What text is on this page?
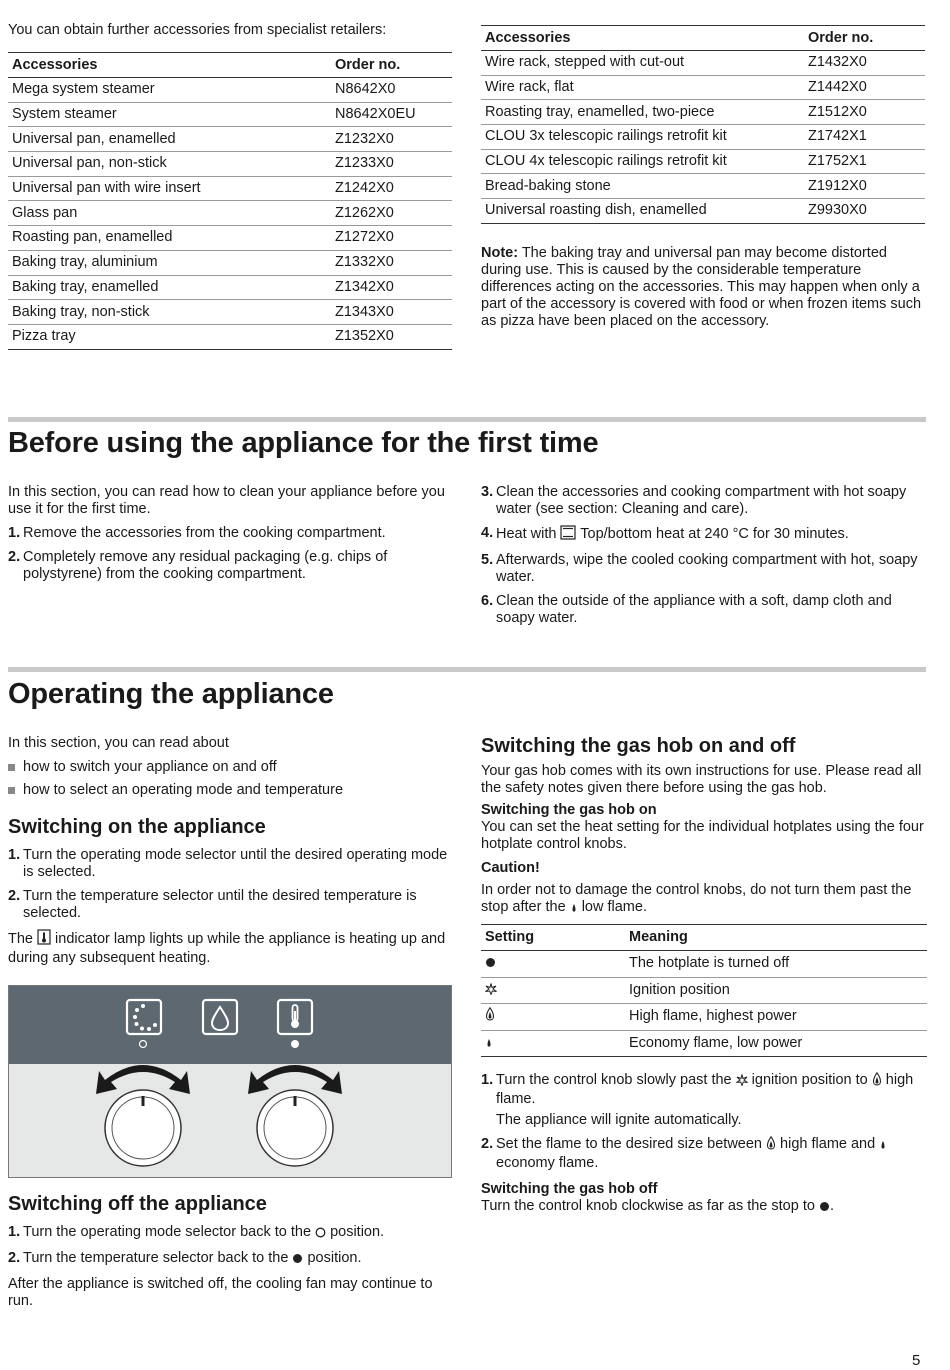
You can obtain further accessories from specialist retailers:

Accessories	Order no.
Mega system steamer	N8642X0
System steamer	N8642X0EU
Universal pan, enamelled	Z1232X0
Universal pan, non-stick	Z1233X0
Universal pan with wire insert	Z1242X0
Glass pan	Z1262X0
Roasting pan, enamelled	Z1272X0
Baking tray, aluminium	Z1332X0
Baking tray, enamelled	Z1342X0
Baking tray, non-stick	Z1343X0
Pizza tray	Z1352X0
Accessories	Order no.
Wire rack, stepped with cut-out	Z1432X0
Wire rack, flat	Z1442X0
Roasting tray, enamelled, two-piece	Z1512X0
CLOU 3x telescopic railings retrofit kit	Z1742X1
CLOU 4x telescopic railings retrofit kit	Z1752X1
Bread-baking stone	Z1912X0
Universal roasting dish, enamelled	Z9930X0

Note: The baking tray and universal pan may become distorted during use. This is caused by the considerable temperature differences acting on the accessories. This may happen when only a part of the accessory is covered with food or when frozen items such as pizza have been placed on the accessory.

Before using the appliance for the first time

In this section, you can read how to clean your appliance before you use it for the first time.

1. Remove the accessories from the cooking compartment.
2. Completely remove any residual packaging (e.g. chips of polystyrene) from the cooking compartment.
3. Clean the accessories and cooking compartment with hot soapy water (see section: Cleaning and care).
4. Heat with  Top/bottom heat at 240 °C for 30 minutes.
5. Afterwards, wipe the cooled cooking compartment with hot, soapy water.
6. Clean the outside of the appliance with a soft, damp cloth and soapy water.
Operating the appliance

In this section, you can read about

how to switch your appliance on and off
how to select an operating mode and temperature
Switching on the appliance
1. Turn the operating mode selector until the desired operating mode is selected.
2. Turn the temperature selector until the desired temperature is selected.

The  indicator lamp lights up while the appliance is heating up and during any subsequent heating.

Switching off the appliance
1. Turn the operating mode selector back to the  position.
2. Turn the temperature selector back to the  position.

After the appliance is switched off, the cooling fan may continue to run.

Switching the gas hob on and off

Your gas hob comes with its own instructions for use. Please read all the safety notes given there before using the gas hob.

Switching the gas hob on

You can set the heat setting for the individual hotplates using the four hotplate control knobs.

Caution!

In order not to damage the control knobs, do not turn them past the stop after the  low flame.

Setting	Meaning
	The hotplate is turned off
	Ignition position
	High flame, highest power
	Economy flame, low power
1. Turn the control knob slowly past the  ignition position to  high flame.
The appliance will ignite automatically.
2. Set the flame to the desired size between  high flame and  economy flame.

Switching the gas hob off

Turn the control knob clockwise as far as the stop to .

5
